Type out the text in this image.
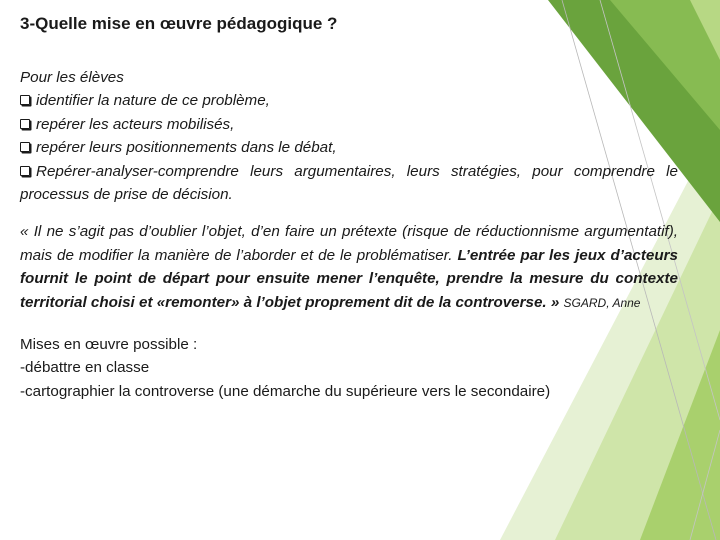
3-Quelle mise en œuvre pédagogique ?

Pour les élèves

identifier la nature de ce problème,

repérer les acteurs mobilisés,

repérer leurs positionnements dans le débat,

Repérer-analyser-comprendre leurs argumentaires, leurs stratégies, pour comprendre le processus de prise de décision.

« Il ne s’agit pas d’oublier l’objet, d’en faire un prétexte (risque de réductionnisme argumentatif), mais de modifier la manière de l’aborder et de le problématiser. L’entrée par les jeux d’acteurs fournit le point de départ pour ensuite mener l’enquête, prendre la mesure du contexte territorial choisi et «remonter» à l’objet proprement dit de la controverse. » SGARD, Anne

Mises en œuvre possible :

-débattre en classe

-cartographier la controverse (une démarche du supérieure vers le secondaire)
